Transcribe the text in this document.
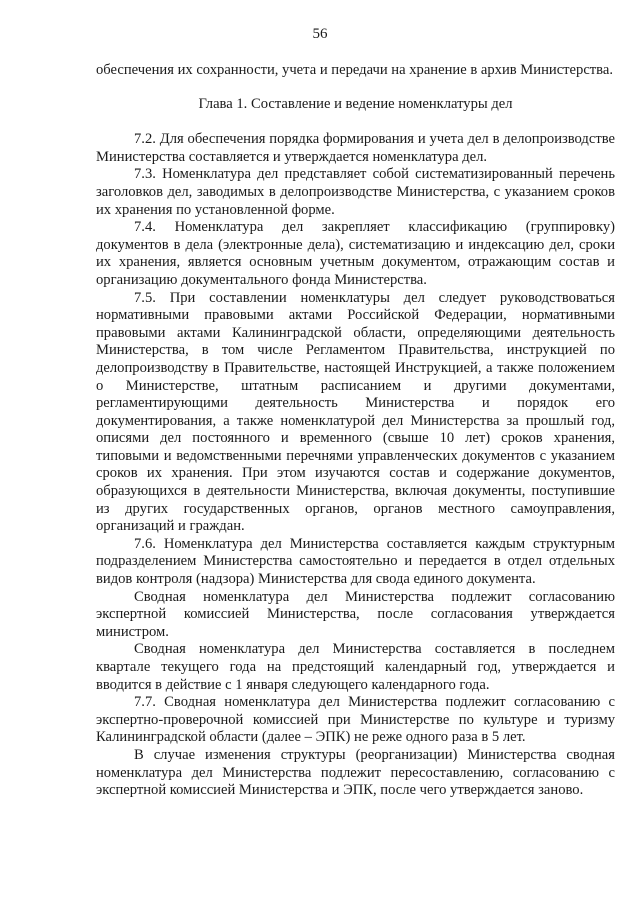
56

обеспечения их сохранности, учета и передачи на хранение в архив Министерства.

Глава 1. Составление и ведение номенклатуры дел

7.2. Для обеспечения порядка формирования и учета дел в делопроизводстве Министерства составляется и утверждается номенклатура дел.

7.3. Номенклатура дел представляет собой систематизированный перечень заголовков дел, заводимых в делопроизводстве Министерства, с указанием сроков их хранения по установленной форме.

7.4. Номенклатура дел закрепляет классификацию (группировку) документов в дела (электронные дела), систематизацию и индексацию дел, сроки их хранения, является основным учетным документом, отражающим состав и организацию документального фонда Министерства.

7.5. При составлении номенклатуры дел следует руководствоваться нормативными правовыми актами Российской Федерации, нормативными правовыми актами Калининградской области, определяющими деятельность Министерства, в том числе Регламентом Правительства, инструкцией по делопроизводству в Правительстве, настоящей Инструкцией, а также положением о Министерстве, штатным расписанием и другими документами, регламентирующими деятельность Министерства и порядок его документирования, а также номенклатурой дел Министерства за прошлый год, описями дел постоянного и временного (свыше 10 лет) сроков хранения, типовыми и ведомственными перечнями управленческих документов с указанием сроков их хранения. При этом изучаются состав и содержание документов, образующихся в деятельности Министерства, включая документы, поступившие из других государственных органов, органов местного самоуправления, организаций и граждан.

7.6. Номенклатура дел Министерства составляется каждым структурным подразделением Министерства самостоятельно и передается в отдел отдельных видов контроля (надзора) Министерства для свода единого документа.

Сводная номенклатура дел Министерства подлежит согласованию экспертной комиссией Министерства, после согласования утверждается министром.

Сводная номенклатура дел Министерства составляется в последнем квартале текущего года на предстоящий календарный год, утверждается и вводится в действие с 1 января следующего календарного года.

7.7. Сводная номенклатура дел Министерства подлежит согласованию с экспертно-проверочной комиссией при Министерстве по культуре и туризму Калининградской области (далее – ЭПК) не реже одного раза в 5 лет.

В случае изменения структуры (реорганизации) Министерства сводная номенклатура дел Министерства подлежит пересоставлению, согласованию с экспертной комиссией Министерства и ЭПК, после чего утверждается заново.
